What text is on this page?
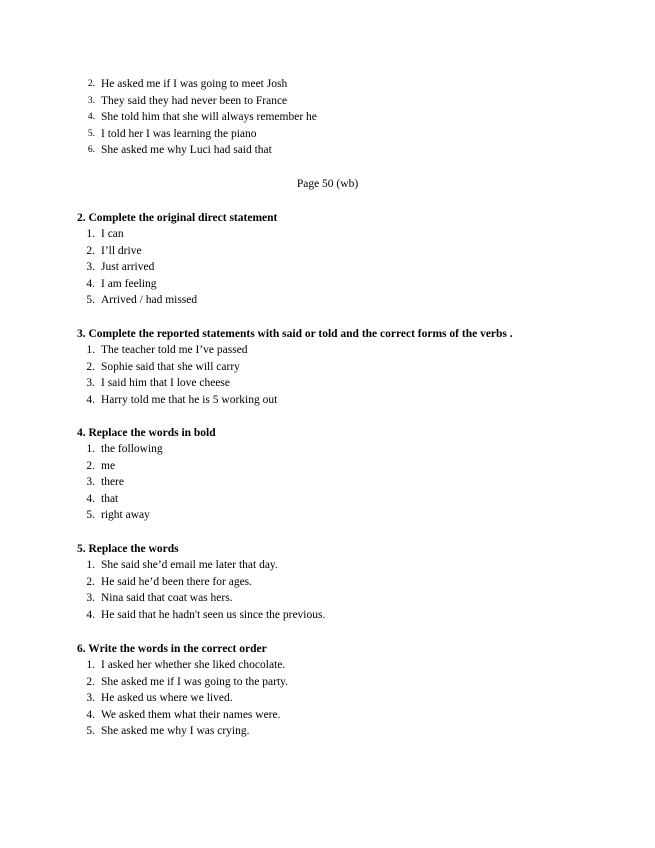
2. He asked me if I was going to meet Josh
3. They said they had never been to France
4. She told him that she will always remember he
5. I told her I was learning the piano
6. She asked me why Luci had said that
Page 50 (wb)
2. Complete the original direct statement
1. I can
2. I’ll drive
3. Just arrived
4. I am feeling
5. Arrived / had missed
3. Complete the reported statements with said or told and the correct forms of the verbs .
1. The teacher told me I’ve passed
2. Sophie said that she will carry
3. I said him that I love cheese
4. Harry told me that he is 5 working out
4. Replace the words in bold
1. the following
2. me
3. there
4. that
5. right away
5. Replace the words
1. She said she’d email me later that day.
2. He said he’d been there for ages.
3. Nina said that coat was hers.
4. He said that he hadn't seen us since the previous.
6. Write the words in the correct order
1. I asked her whether she liked chocolate.
2. She asked me if I was going to the party.
3. He asked us where we lived.
4. We asked them what their names were.
5. She asked me why I was crying.
